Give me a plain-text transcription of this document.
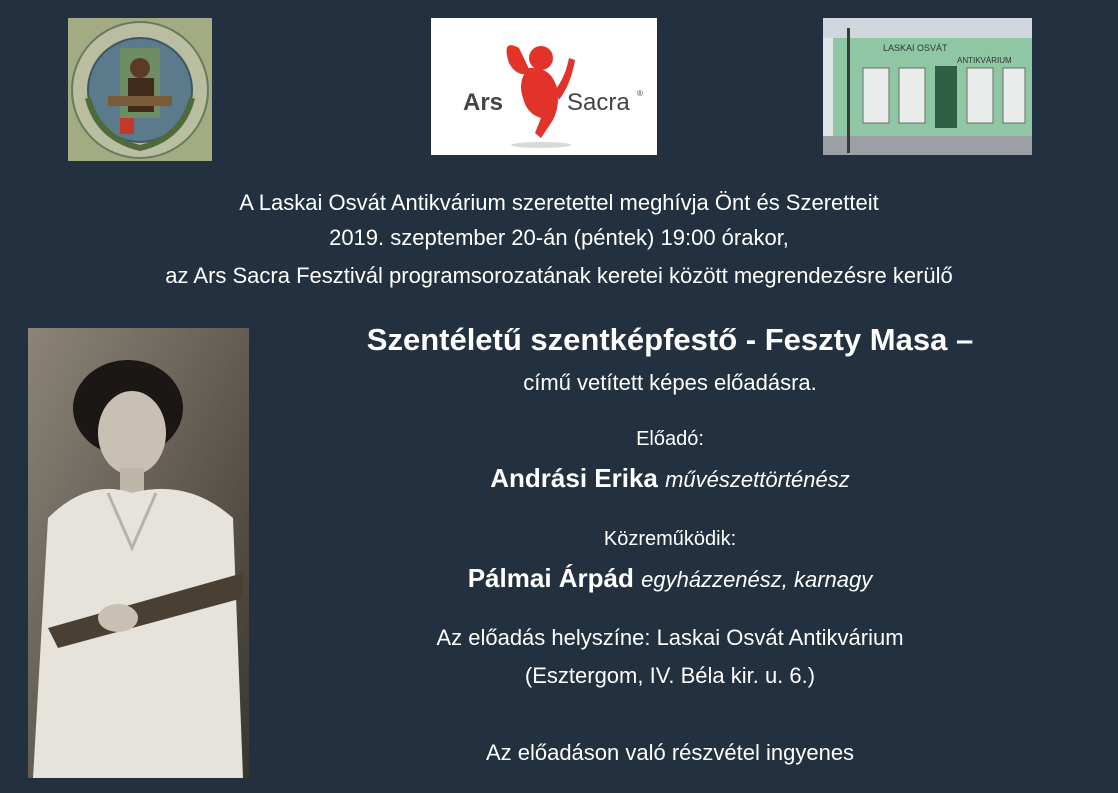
Ars	Sacra ®
LASKAI OSVÁT
ANTIKVÁRIUM
A Laskai Osvát Antikvárium szeretettel meghívja Önt és Szeretteit
2019. szeptember 20-án (péntek) 19:00 órakor,
az Ars Sacra Fesztivál programsorozatának keretei között megrendezésre kerülő
Szentéletű szentképfestő - Feszty Masa –
című vetített képes előadásra.
Előadó:
Andrási Erika művészettörténész
Közreműködik:
Pálmai Árpád egyházzenész, karnagy
Az előadás helyszíne: Laskai Osvát Antikvárium
(Esztergom, IV. Béla kir. u. 6.)
Az előadáson való részvétel ingyenes
